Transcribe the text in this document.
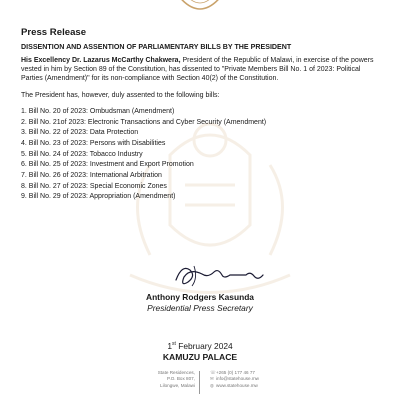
Press Release
DISSENTION AND ASSENTION OF PARLIAMENTARY BILLS BY THE PRESIDENT
His Excellency Dr. Lazarus McCarthy Chakwera, President of the Republic of Malawi, in exercise of the powers vested in him by Section 89 of the Constitution, has dissented to "Private Members Bill No. 1 of 2023: Political Parties (Amendment)" for its non-compliance with Section 40(2) of the Constitution.
The President has, however, duly assented to the following bills:
1. Bill No. 20 of 2023: Ombudsman (Amendment)
2. Bill No. 21of 2023: Electronic Transactions and Cyber Security (Amendment)
3. Bill No. 22 of 2023: Data Protection
4. Bill No. 23 of 2023: Persons with Disabilities
5. Bill No. 24 of 2023: Tobacco Industry
6. Bill No. 25 of 2023: Investment and Export Promotion
7. Bill No. 26 of 2023: International Arbitration
8. Bill No. 27 of 2023: Special Economic Zones
9. Bill No. 29 of 2023: Appropriation (Amendment)
Anthony Rodgers Kasunda
Presidential Press Secretary
1st February 2024
KAMUZU PALACE
State Residences,
P.O. Box 807,
Lilongwe, Malawi
☏+265 (0) 177 46 77
✉ info@statehouse.mw
◍ www.statehouse.mw
